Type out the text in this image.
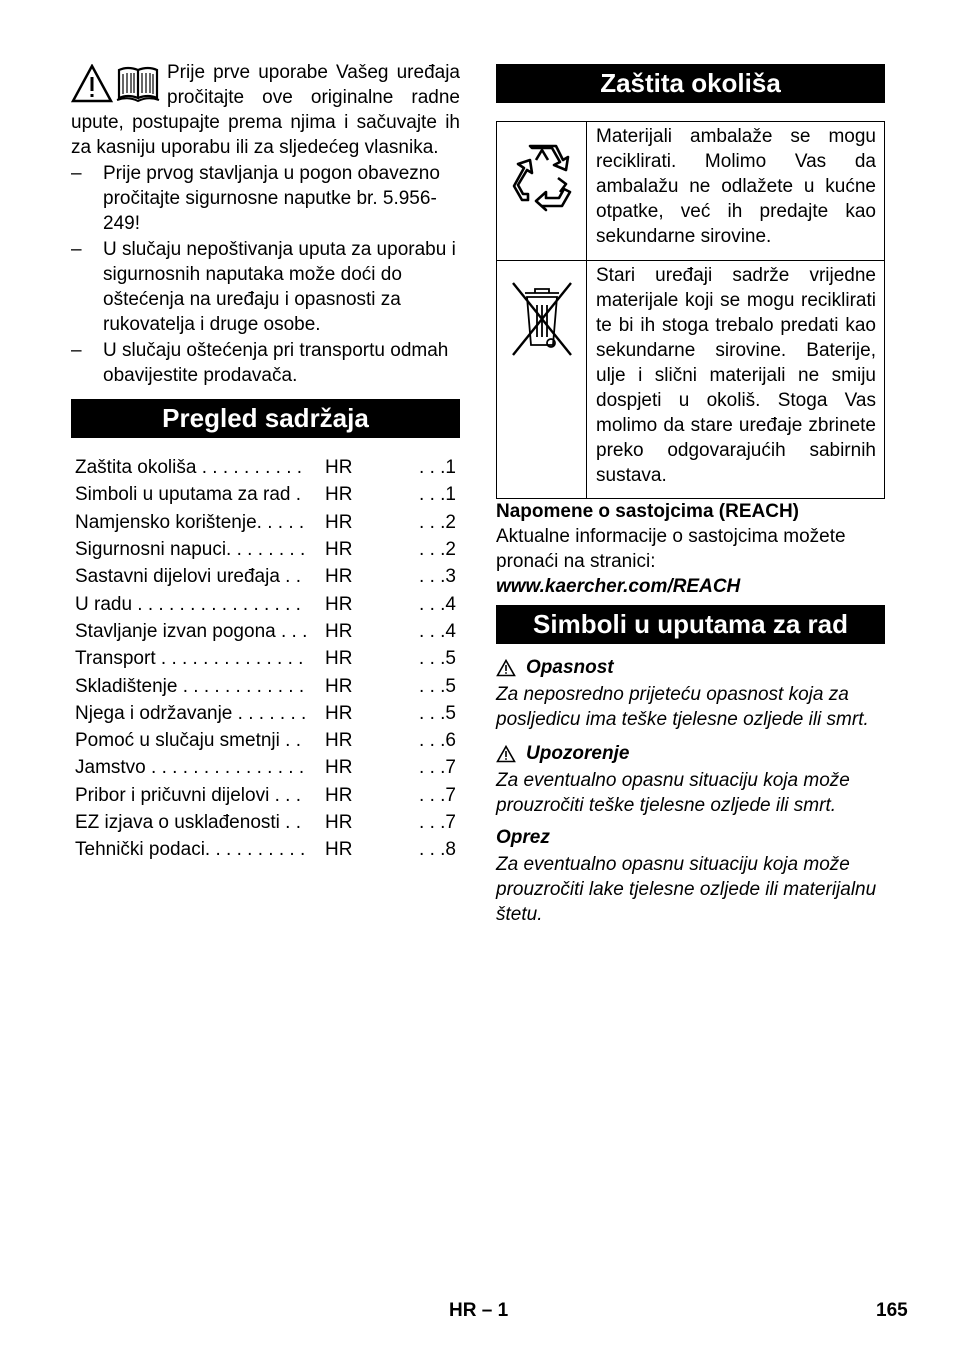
Prije prve uporabe Vašeg uređaja pročitajte ove originalne radne upute, postupajte prema njima i sačuvajte ih za kasniju uporabu ili za sljedećeg vlasnika.

– Prije prvog stavljanja u pogon obavezno pročitajte sigurnosne naputke br. 5.956-249!
– U slučaju nepoštivanja uputa za uporabu i sigurnosnih naputaka može doći do oštećenja na uređaju i opasnosti za rukovatelja i druge osobe.
– U slučaju oštećenja pri transportu odmah obavijestite prodavača.
Pregled sadržaja
Zaštita okoliša . . . . . . . . . .	HR	. . .1
Simboli u uputama za rad .	HR	. . .1
Namjensko korištenje. . . . .	HR	. . .2
Sigurnosni napuci. . . . . . . .	HR	. . .2
Sastavni dijelovi uređaja . .	HR	. . .3
U radu . . . . . . . . . . . . . . . .	HR	. . .4
Stavljanje izvan pogona . . . HR	. . .4
Transport . . . . . . . . . . . . . .	HR	. . .5
Skladištenje . . . . . . . . . . . .	HR	. . .5
Njega i održavanje . . . . . . . HR	. . .5
Pomoć u slučaju smetnji . .	HR	. . .6
Jamstvo . . . . . . . . . . . . . . .	HR	. . .7
Pribor i pričuvni dijelovi . . .	HR	. . .7
EZ izjava o usklađenosti . .	HR	. . .7
Tehnički podaci. . . . . . . . . .	HR	. . .8
Zaštita okoliša
	Materijali ambalaže se mogu reciklirati. Molimo Vas da ambalažu ne odlažete u kućne otpatke, već ih predajte kao sekundarne sirovine.
	Stari uređaji sadrže vrijedne materijale koji se mogu reciklirati te bi ih stoga trebalo predati kao sekundarne sirovine. Baterije, ulje i slični materijali ne smiju dospjeti u okoliš. Stoga Vas molimo da stare uređaje zbrinete preko odgovarajućih sabirnih sustava.
Napomene o sastojcima (REACH)
Aktualne informacije o sastojcima možete pronaći na stranici:
www.kaercher.com/REACH
Simboli u uputama za rad
Opasnost
Za neposredno prijeteću opasnost koja za posljedicu ima teške tjelesne ozljede ili smrt.
Upozorenje
Za eventualno opasnu situaciju koja može prouzročiti teške tjelesne ozljede ili smrt.
Oprez
Za eventualno opasnu situaciju koja može prouzročiti lake tjelesne ozljede ili materijalnu štetu.
HR – 1	165
